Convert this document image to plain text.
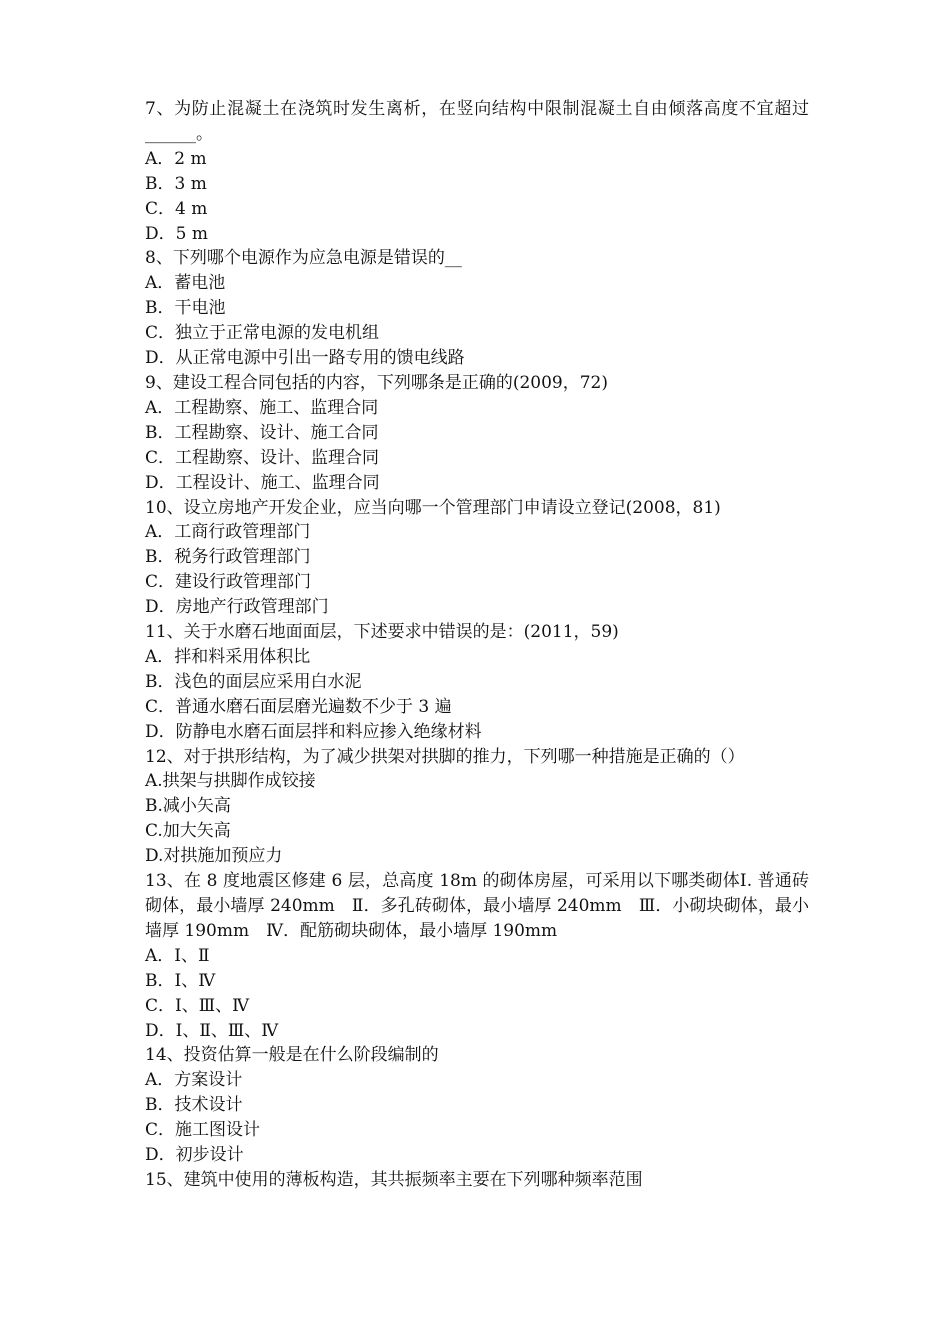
7、为防止混凝土在浇筑时发生离析，在竖向结构中限制混凝土自由倾落高度不宜超过______。

A．2 m

B．3 m

C．4 m

D．5 m

8、下列哪个电源作为应急电源是错误的__

A．蓄电池

B．干电池

C．独立于正常电源的发电机组

D．从正常电源中引出一路专用的馈电线路

9、建设工程合同包括的内容，下列哪条是正确的(2009，72)

A．工程勘察、施工、监理合同

B．工程勘察、设计、施工合同

C．工程勘察、设计、监理合同

D．工程设计、施工、监理合同

10、设立房地产开发企业，应当向哪一个管理部门申请设立登记(2008，81)

A．工商行政管理部门

B．税务行政管理部门

C．建设行政管理部门

D．房地产行政管理部门

11、关于水磨石地面面层，下述要求中错误的是：(2011，59)

A．拌和料采用体积比

B．浅色的面层应采用白水泥

C．普通水磨石面层磨光遍数不少于 3 遍

D．防静电水磨石面层拌和料应掺入绝缘材料

12、对于拱形结构，为了减少拱架对拱脚的推力，下列哪一种措施是正确的（）

A.拱架与拱脚作成铰接

B.减小矢高

C.加大矢高

D.对拱施加预应力

13、在 8 度地震区修建 6 层，总高度 18m 的砌体房屋，可采用以下哪类砌体Ⅰ. 普通砖砌体，最小墙厚 240mm　Ⅱ．多孔砖砌体，最小墙厚 240mm　Ⅲ．小砌块砌体，最小墙厚 190mm　Ⅳ．配筋砌块砌体，最小墙厚 190mm

A．Ⅰ、Ⅱ

B．Ⅰ、Ⅳ

C．Ⅰ、Ⅲ、Ⅳ

D．Ⅰ、Ⅱ、Ⅲ、Ⅳ

14、投资估算一般是在什么阶段编制的

A．方案设计

B．技术设计

C．施工图设计

D．初步设计

15、建筑中使用的薄板构造，其共振频率主要在下列哪种频率范围
